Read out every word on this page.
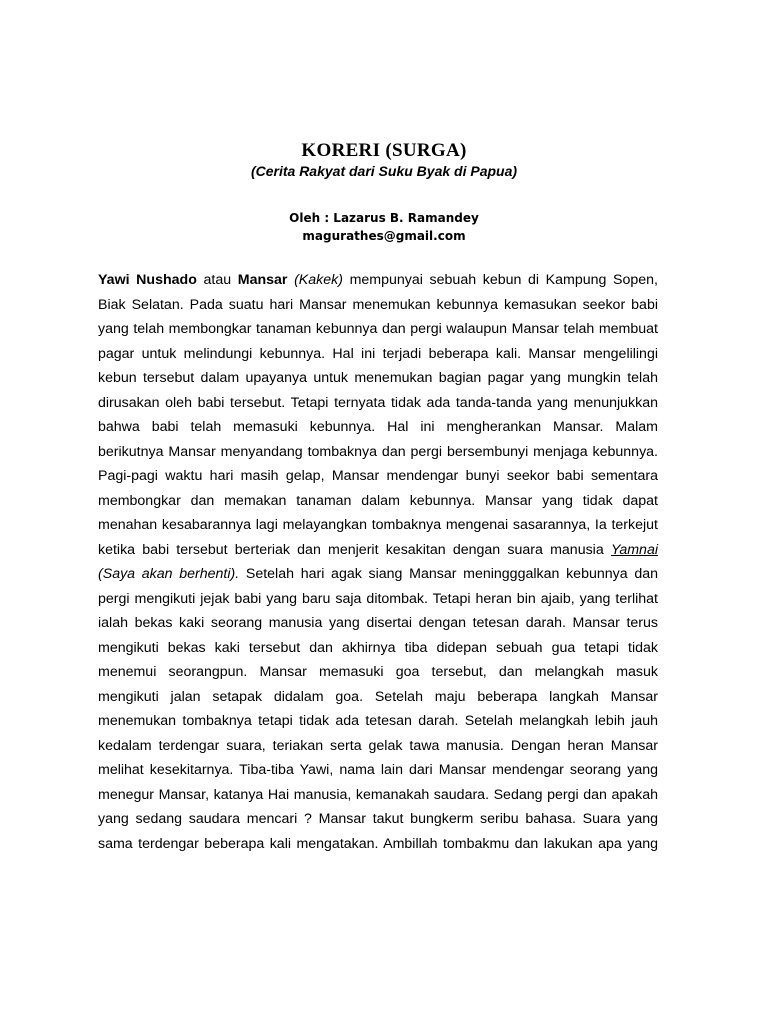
KORERI (SURGA)
(Cerita Rakyat dari Suku Byak di Papua)
Oleh : Lazarus B. Ramandey
magurathes@gmail.com
Yawi Nushado atau Mansar (Kakek) mempunyai sebuah kebun di Kampung Sopen,
Biak Selatan. Pada suatu hari Mansar menemukan kebunnya kemasukan seekor babi
yang telah membongkar tanaman kebunnya dan pergi walaupun Mansar telah membuat
pagar untuk melindungi kebunnya. Hal ini terjadi beberapa kali. Mansar mengelilingi
kebun tersebut dalam upayanya untuk menemukan bagian pagar yang mungkin telah
dirusakan oleh babi tersebut. Tetapi ternyata tidak ada tanda-tanda yang menunjukkan
bahwa babi telah memasuki kebunnya. Hal ini mengherankan Mansar. Malam
berikutnya Mansar menyandang tombaknya dan pergi bersembunyi menjaga kebunnya.
Pagi-pagi waktu hari masih gelap, Mansar mendengar bunyi seekor babi sementara
membongkar dan memakan tanaman dalam kebunnya. Mansar yang tidak dapat
menahan kesabarannya lagi melayangkan tombaknya mengenai sasarannya, Ia terkejut
ketika babi tersebut berteriak dan menjerit kesakitan dengan suara manusia Yamnai
(Saya akan berhenti). Setelah hari agak siang Mansar meningggalkan kebunnya dan
pergi mengikuti jejak babi yang baru saja ditombak. Tetapi heran bin ajaib, yang terlihat
ialah bekas kaki seorang manusia yang disertai dengan tetesan darah. Mansar terus
mengikuti bekas kaki tersebut dan akhirnya tiba didepan sebuah gua tetapi tidak
menemui seorangpun. Mansar memasuki goa tersebut, dan melangkah masuk
mengikuti jalan setapak didalam goa. Setelah maju beberapa langkah Mansar
menemukan tombaknya tetapi tidak ada tetesan darah. Setelah melangkah lebih jauh
kedalam terdengar suara, teriakan serta gelak tawa manusia. Dengan heran Mansar
melihat kesekitarnya. Tiba-tiba Yawi, nama lain dari Mansar mendengar seorang yang
menegur Mansar, katanya Hai manusia, kemanakah saudara. Sedang pergi dan apakah
yang sedang saudara mencari ? Mansar takut bungkerm seribu bahasa. Suara yang
sama terdengar beberapa kali mengatakan. Ambillah tombakmu dan lakukan apa yang
